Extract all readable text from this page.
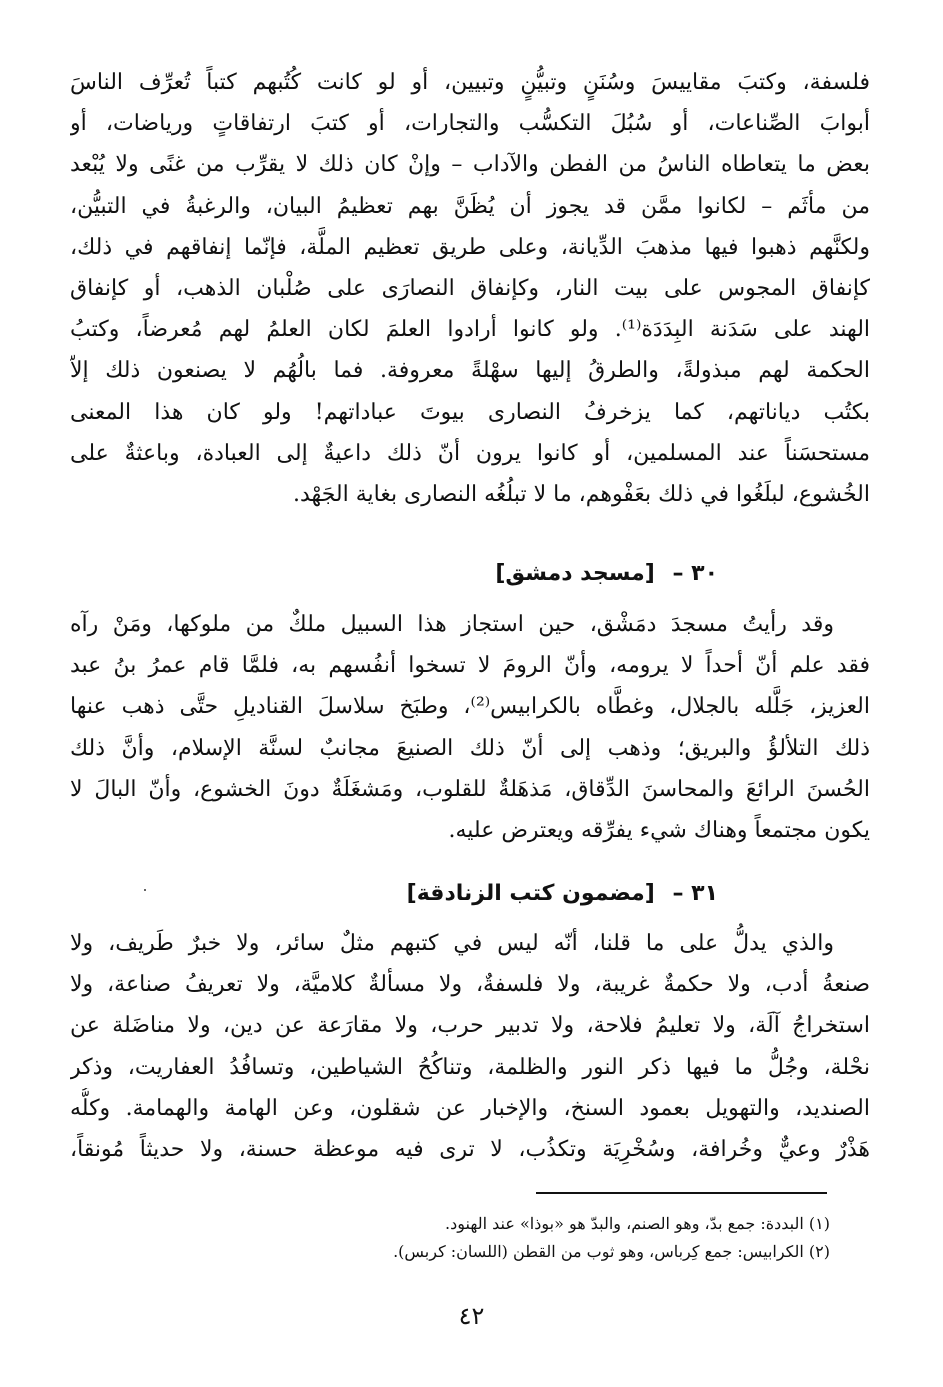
فلسفة، وكتبَ مقاييسَ وسُنَنٍ وتبيُّنٍ وتبيين، أو لو كانت كُتُبهم كتباً تُعرِّف الناسَ
أبوابَ الصِّناعات، أو سُبُلَ التكسُّب والتجارات، أو كتبَ ارتفاقاتٍ ورياضات، أو
بعض ما يتعاطاه الناسُ من الفطن والآداب – وإنْ كان ذلك لا يقرِّب من غنًى ولا يُبْعد
من مأثَم – لكانوا ممَّن قد يجوز أن يُظَنَّ بهم تعظيمُ البيان، والرغبةُ في التبيُّن،
ولكنَّهم ذهبوا فيها مذهبَ الدِّيانة، وعلى طريق تعظيم الملَّة، فإنّما إنفاقهم في ذلك،
كإنفاق المجوس على بيت النار، وكإنفاق النصارَى على صُلْبان الذهب، أو كإنفاق
الهند على سَدَنة البِدَدَة⁽¹⁾. ولو كانوا أرادوا العلمَ لكان العلمُ لهم مُعرضاً، وكتبُ
الحكمة لهم مبذولةً، والطرقُ إليها سهْلةً معروفة. فما بالُهُم لا يصنعون ذلك إلاّ
بكتُب دياناتهم، كما يزخرفُ النصارى بيوتَ عباداتهم! ولو كان هذا المعنى
مستحسَناً عند المسلمين، أو كانوا يرون أنّ ذلك داعيةٌ إلى العبادة، وباعثةٌ على
الخُشوع، لبلَغُوا في ذلك بعَفْوهم، ما لا تبلُغُه النصارى بغاية الجَهْد.
٣٠ – [مسجد دمشق]
وقد رأيتُ مسجدَ دمَشْق، حين استجاز هذا السبيل ملكٌ من ملوكها، ومَنْ رآه
فقد علم أنّ أحداً لا يرومه، وأنّ الرومَ لا تسخوا أنفُسهم به، فلمَّا قام عمرُ بنُ عبد
العزيز، جَلَّله بالجلال، وغطَّاه بالكرابيس⁽²⁾، وطبَخ سلاسلَ القناديلِ حتَّى ذهب عنها
ذلك التلألؤُ والبريق؛ وذهب إلى أنّ ذلك الصنيعَ مجانبٌ لسنَّة الإسلام، وأنَّ ذلك
الحُسنَ الرائعَ والمحاسنَ الدِّقاق، مَذهَلةٌ للقلوب، ومَشغَلَةٌ دونَ الخشوع، وأنّ البالَ لا
يكون مجتمعاً وهناك شيء يفرِّقه ويعترض عليه.
٣١ – [مضمون كتب الزنادقة]
والذي يدلُّ على ما قلنا، أنّه ليس في كتبهم مثلٌ سائر، ولا خبرٌ طَريف، ولا
صنعةُ أدب، ولا حكمةٌ غريبة، ولا فلسفةٌ، ولا مسألةٌ كلاميَّة، ولا تعريفُ صناعة، ولا
استخراجُ آلَة، ولا تعليمُ فلاحة، ولا تدبير حرب، ولا مقارَعة عن دين، ولا مناضَلة عن
نحْلة، وجُلُّ ما فيها ذكر النور والظلمة، وتناكُحُ الشياطين، وتسافُدُ العفاريت، وذكر
الصنديد، والتهويل بعمود السنخ، والإخبار عن شقلون، وعن الهامة والهمامة. وكلُّه
هَذْرٌ وعيٌّ وخُرافة، وسُخْرِيَة وتكذُب، لا ترى فيه موعظة حسنة، ولا حديثاً مُونقاً،
(١) البددة: جمع بدّ، وهو الصنم، والبدّ هو «بوذا» عند الهنود.
(٢) الكرابيس: جمع كِرباس، وهو ثوب من القطن (اللسان: كربس).
٤٢
